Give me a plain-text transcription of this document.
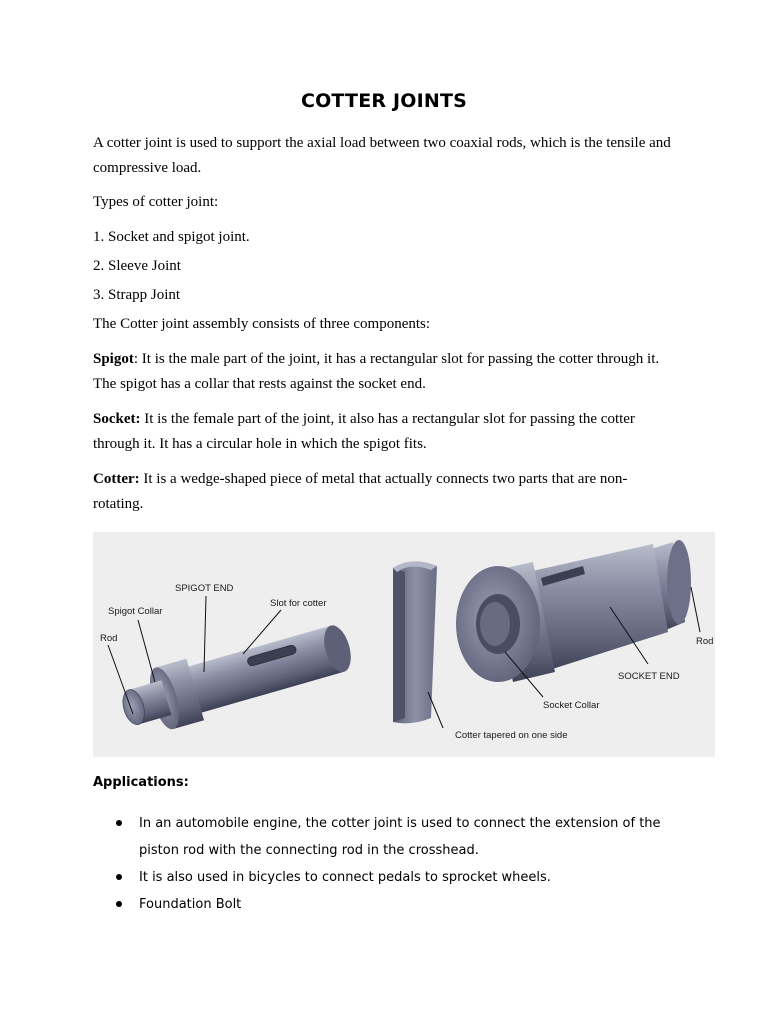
COTTER JOINTS

A cotter joint is used to support the axial load between two coaxial rods, which is the tensile and compressive load.

Types of cotter joint:

1. Socket and spigot joint.

2. Sleeve Joint

3. Strapp Joint

The Cotter joint assembly consists of three components:

Spigot: It is the male part of the joint, it has a rectangular slot for passing the cotter through it. The spigot has a collar that rests against the socket end.

Socket: It is the female part of the joint, it also has a rectangular slot for passing the cotter through it. It has a circular hole in which the spigot fits.

Cotter: It is a wedge-shaped piece of metal that actually connects two parts that are non-rotating.

SPIGOT END
Spigot Collar
Rod
Slot for cotter
Rod
SOCKET END
Socket Collar
Cotter tapered on one side
Applications:
In an automobile engine, the cotter joint is used to connect the extension of the piston rod with the connecting rod in the crosshead.
It is also used in bicycles to connect pedals to sprocket wheels.
Foundation Bolt
